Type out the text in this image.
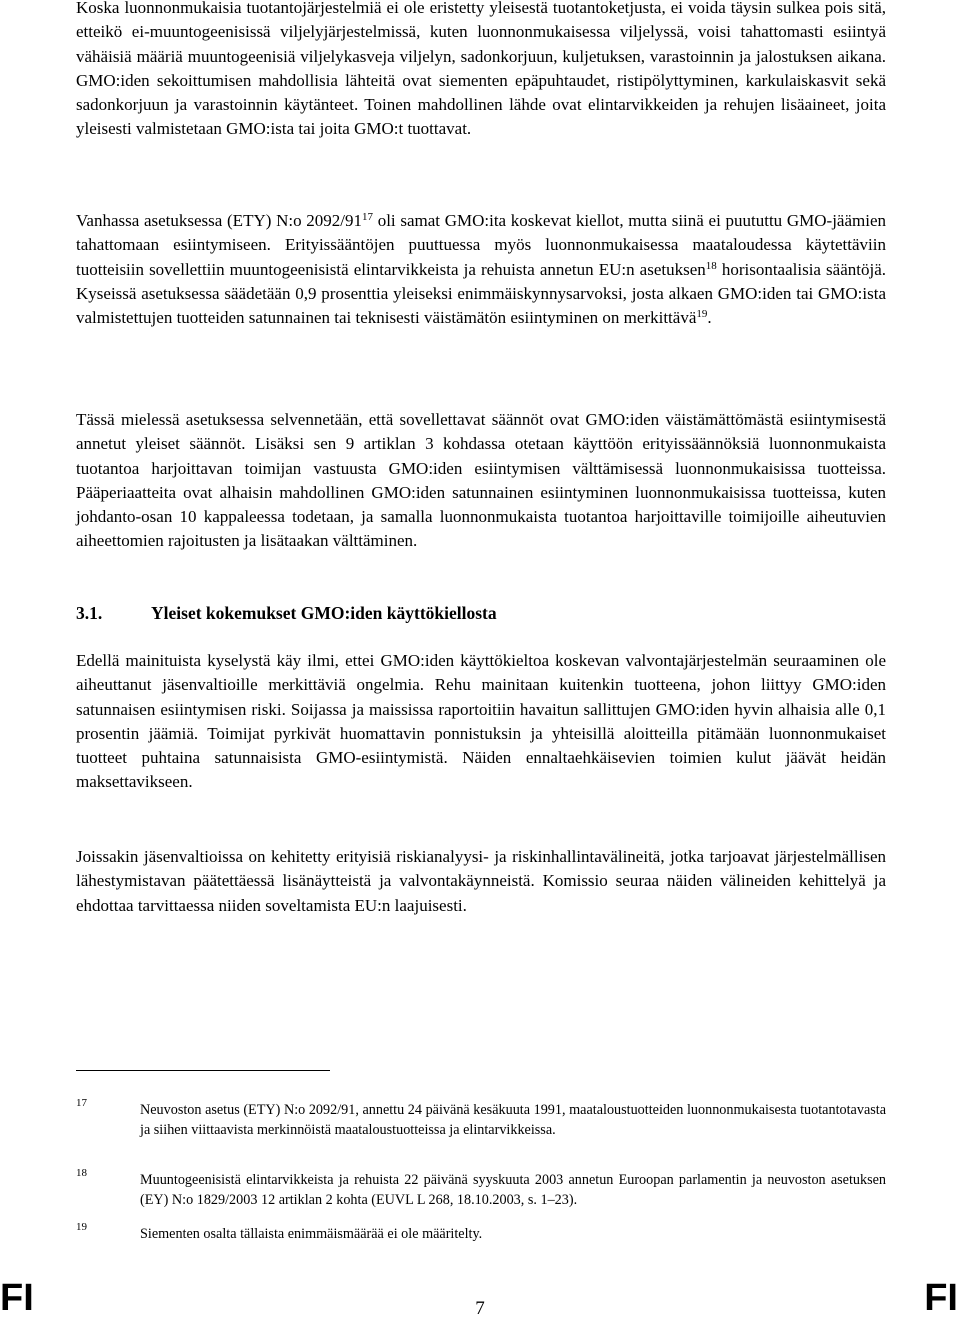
Koska luonnonmukaisia tuotantojärjestelmiä ei ole eristetty yleisestä tuotantoketjusta, ei voida täysin sulkea pois sitä, etteikö ei-muuntogeenisissä viljelyjärjestelmissä, kuten luonnonmukaisessa viljelyssä, voisi tahattomasti esiintyä vähäisiä määriä muuntogeenisiä viljelykasveja viljelyn, sadonkorjuun, kuljetuksen, varastoinnin ja jalostuksen aikana. GMO:iden sekoittumisen mahdollisia lähteitä ovat siementen epäpuhtaudet, ristipölyttyminen, karkulaiskasvit sekä sadonkorjuun ja varastoinnin käytänteet. Toinen mahdollinen lähde ovat elintarvikkeiden ja rehujen lisäaineet, joita yleisesti valmistetaan GMO:ista tai joita GMO:t tuottavat.

Vanhassa asetuksessa (ETY) N:o $2092/91^{17}$ oli samat GMO:ita koskevat kiellot, mutta siinä ei puututtu GMO-jäämien tahattomaan esiintymiseen. Erityissääntöjen puuttuessa myös luonnonmukaisessa maataloudessa käytettäviin tuotteisiin sovellettiin muuntogeenisistä elintarvikkeista ja rehuista annetun EU:n asetuksen$^{18}$ horisontaalisia sääntöjä. Kyseissä asetuksessa säädetään 0,9 prosenttia yleiseksi enimmäiskynnysarvoksi, josta alkaen GMO:iden tai GMO:ista valmistettujen tuotteiden satunnainen tai teknisesti väistämätön esiintyminen on merkittävä$^{19}$.

Tässä mielessä asetuksessa selvennetään, että sovellettavat säännöt ovat GMO:iden väistämättömästä esiintymisestä annetut yleiset säännöt. Lisäksi sen 9 artiklan 3 kohdassa otetaan käyttöön erityissäännöksiä luonnonmukaista tuotantoa harjoittavan toimijan vastuusta GMO:iden esiintymisen välttämisessä luonnonmukaisissa tuotteissa. Pääperiaatteita ovat alhaisin mahdollinen GMO:iden satunnainen esiintyminen luonnonmukaisissa tuotteissa, kuten johdanto-osan 10 kappaleessa todetaan, ja samalla luonnonmukaista tuotantoa harjoittaville toimijoille aiheutuvien aiheettomien rajoitusten ja lisätaakan välttäminen.

3.1.	Yleiset kokemukset GMO:iden käyttökiellosta

Edellä mainituista kyselystä käy ilmi, ettei GMO:iden käyttökieltoa koskevan valvontajärjestelmän seuraaminen ole aiheuttanut jäsenvaltioille merkittäviä ongelmia. Rehu mainitaan kuitenkin tuotteena, johon liittyy GMO:iden satunnaisen esiintymisen riski. Soijassa ja maississa raportoitiin havaitun sallittujen GMO:iden hyvin alhaisia alle 0,1 prosentin jäämiä. Toimijat pyrkivät huomattavin ponnistuksin ja yhteisillä aloitteilla pitämään luonnonmukaiset tuotteet puhtaina satunnaisista GMO-esiintymistä. Näiden ennaltaehkäisevien toimien kulut jäävät heidän maksettavikseen.

Joissakin jäsenvaltioissa on kehitetty erityisiä riskianalyysi- ja riskinhallintavälineitä, jotka tarjoavat järjestelmällisen lähestymistavan päätettäessä lisänäytteistä ja valvontakäynneistä. Komissio seuraa näiden välineiden kehittelyä ja ehdottaa tarvittaessa niiden soveltamista EU:n laajuisesti.

17	Neuvoston asetus (ETY) N:o 2092/91, annettu 24 päivänä kesäkuuta 1991, maataloustuotteiden luonnonmukaisesta tuotantotavasta ja siihen viittaavista merkinnöistä maataloustuotteissa ja elintarvikkeissa.
18	Muuntogeenisistä elintarvikkeista ja rehuista 22 päivänä syyskuuta 2003 annetun Euroopan parlamentin ja neuvoston asetuksen (EY) N:o 1829/2003 12 artiklan 2 kohta (EUVL L 268, 18.10.2003, s. 1–23).
19	Siementen osalta tällaista enimmäismäärää ei ole määritelty.
FI	7	FI
